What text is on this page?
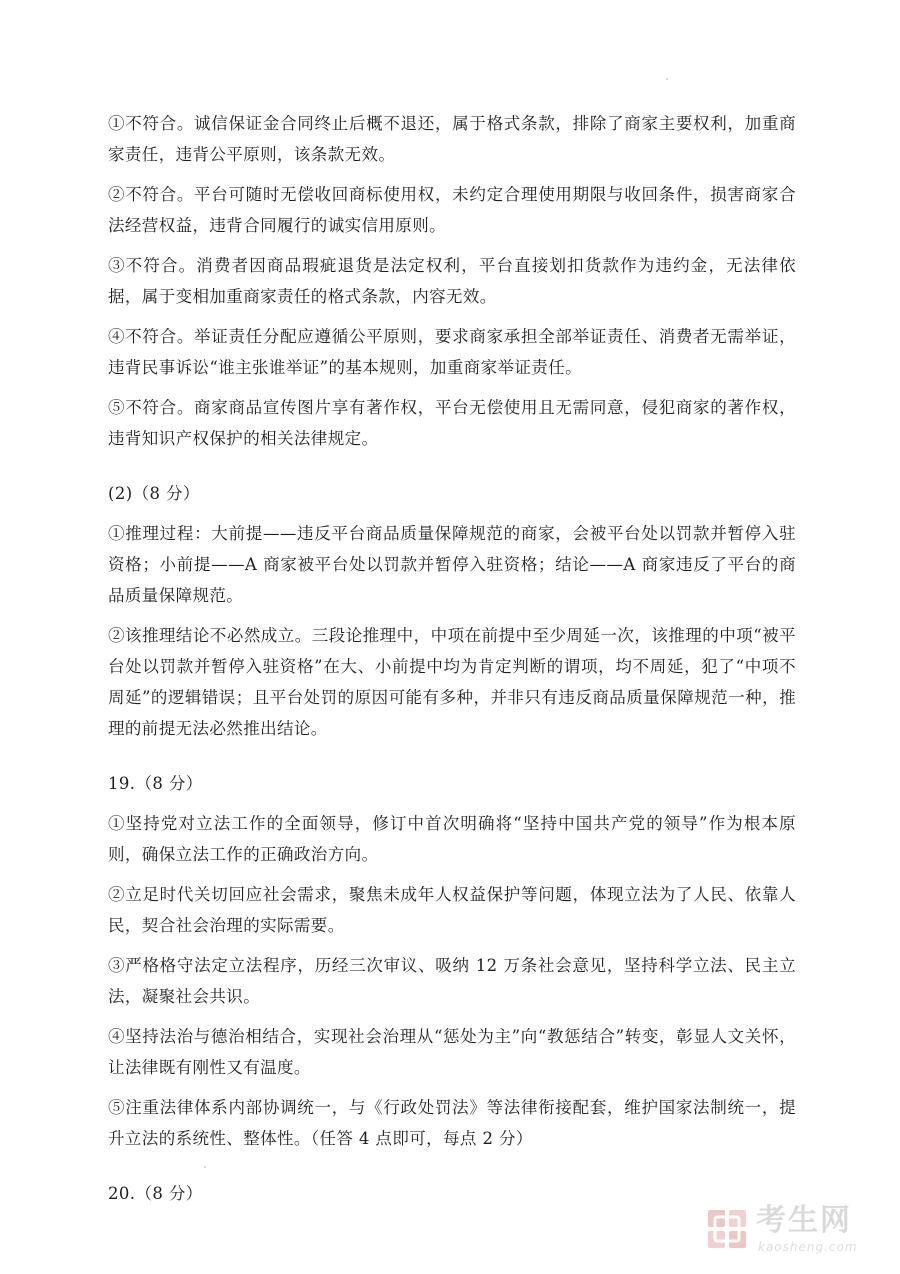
①不符合。诚信保证金合同终止后概不退还，属于格式条款，排除了商家主要权利，加重商家责任，违背公平原则，该条款无效。

②不符合。平台可随时无偿收回商标使用权，未约定合理使用期限与收回条件，损害商家合法经营权益，违背合同履行的诚实信用原则。

③不符合。消费者因商品瑕疵退货是法定权利，平台直接划扣货款作为违约金，无法律依据，属于变相加重商家责任的格式条款，内容无效。

④不符合。举证责任分配应遵循公平原则，要求商家承担全部举证责任、消费者无需举证，违背民事诉讼“谁主张谁举证”的基本规则，加重商家举证责任。

⑤不符合。商家商品宣传图片享有著作权，平台无偿使用且无需同意，侵犯商家的著作权，违背知识产权保护的相关法律规定。

(2)（8 分）

①推理过程：大前提——违反平台商品质量保障规范的商家，会被平台处以罚款并暂停入驻资格；小前提——A 商家被平台处以罚款并暂停入驻资格；结论——A 商家违反了平台的商品质量保障规范。

②该推理结论不必然成立。三段论推理中，中项在前提中至少周延一次，该推理的中项“被平台处以罚款并暂停入驻资格”在大、小前提中均为肯定判断的谓项，均不周延，犯了“中项不周延”的逻辑错误；且平台处罚的原因可能有多种，并非只有违反商品质量保障规范一种，推理的前提无法必然推出结论。

19.（8 分）

①坚持党对立法工作的全面领导，修订中首次明确将“坚持中国共产党的领导”作为根本原则，确保立法工作的正确政治方向。

②立足时代关切回应社会需求，聚焦未成年人权益保护等问题，体现立法为了人民、依靠人民，契合社会治理的实际需要。

③严格格守法定立法程序，历经三次审议、吸纳 12 万条社会意见，坚持科学立法、民主立法，凝聚社会共识。

④坚持法治与德治相结合，实现社会治理从“惩处为主”向“教惩结合”转变，彰显人文关怀，让法律既有刚性又有温度。

⑤注重法律体系内部协调统一，与《行政处罚法》等法律衔接配套，维护国家法制统一，提升立法的系统性、整体性。（任答 4 点即可，每点 2 分）

20.（8 分）

考生网
kaosheng.com
